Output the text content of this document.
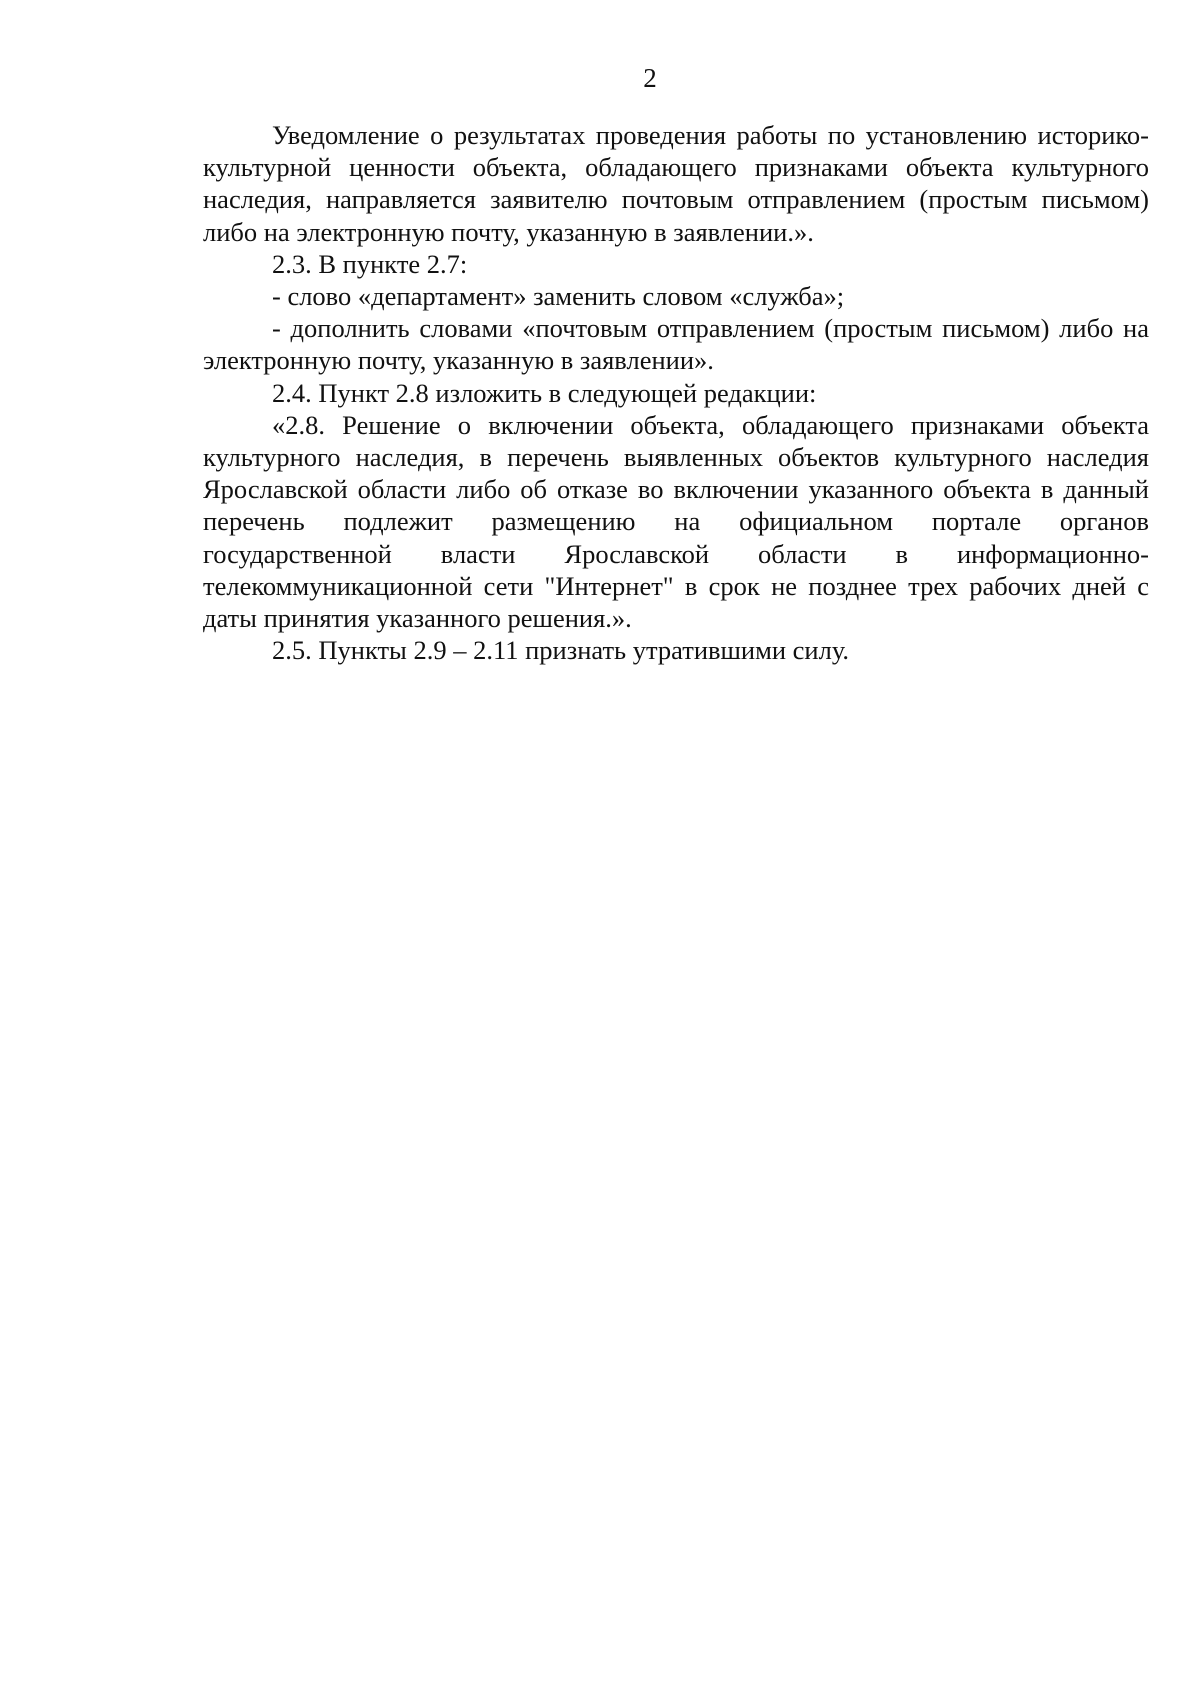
2

Уведомление о результатах проведения работы по установлению историко-культурной ценности объекта, обладающего признаками объекта культурного наследия, направляется заявителю почтовым отправлением (простым письмом) либо на электронную почту, указанную в заявлении.».

2.3. В пункте 2.7:

- слово «департамент» заменить словом «служба»;

- дополнить словами «почтовым отправлением (простым письмом) либо на электронную почту, указанную в заявлении».

2.4. Пункт 2.8 изложить в следующей редакции:

«2.8. Решение о включении объекта, обладающего признаками объекта культурного наследия, в перечень выявленных объектов культурного наследия Ярославской области либо об отказе во включении указанного объекта в данный перечень подлежит размещению на официальном портале органов государственной власти Ярославской области в информационно-телекоммуникационной сети "Интернет" в срок не позднее трех рабочих дней с даты принятия указанного решения.».

2.5. Пункты 2.9 – 2.11 признать утратившими силу.
